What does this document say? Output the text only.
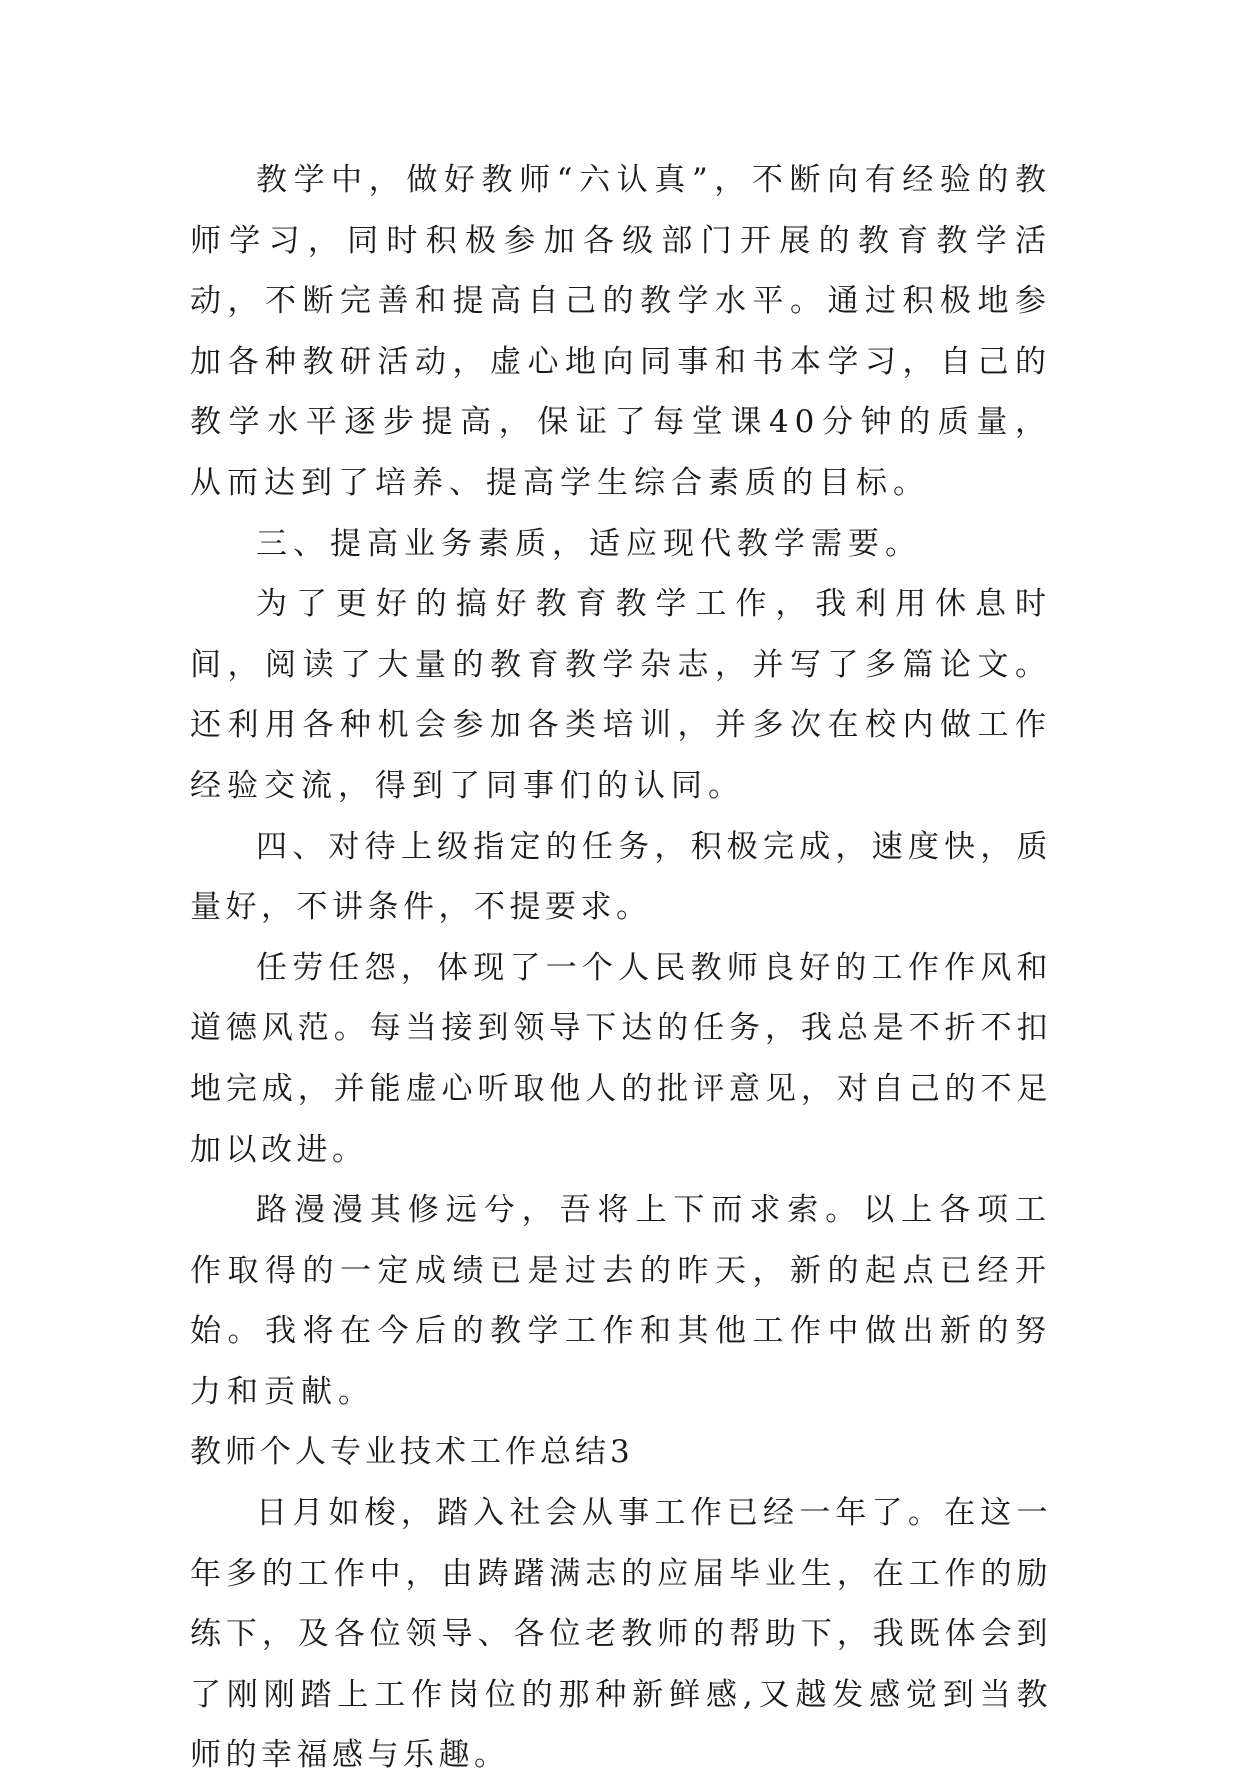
教学中，做好教师“六认真”，不断向有经验的教师学习，同时积极参加各级部门开展的教育教学活动，不断完善和提高自己的教学水平。通过积极地参加各种教研活动，虚心地向同事和书本学习，自己的教学水平逐步提高，保证了每堂课40分钟的质量，从而达到了培养、提高学生综合素质的目标。

三、提高业务素质，适应现代教学需要。

为了更好的搞好教育教学工作，我利用休息时间，阅读了大量的教育教学杂志，并写了多篇论文。还利用各种机会参加各类培训，并多次在校内做工作经验交流，得到了同事们的认同。

四、对待上级指定的任务，积极完成，速度快，质量好，不讲条件，不提要求。

任劳任怨，体现了一个人民教师良好的工作作风和道德风范。每当接到领导下达的任务，我总是不折不扣地完成，并能虚心听取他人的批评意见，对自己的不足加以改进。

路漫漫其修远兮，吾将上下而求索。以上各项工作取得的一定成绩已是过去的昨天，新的起点已经开始。我将在今后的教学工作和其他工作中做出新的努力和贡献。

教师个人专业技术工作总结3

日月如梭，踏入社会从事工作已经一年了。在这一年多的工作中，由踌躇满志的应届毕业生，在工作的励练下，及各位领导、各位老教师的帮助下，我既体会到了刚刚踏上工作岗位的那种新鲜感,又越发感觉到当教师的幸福感与乐趣。
